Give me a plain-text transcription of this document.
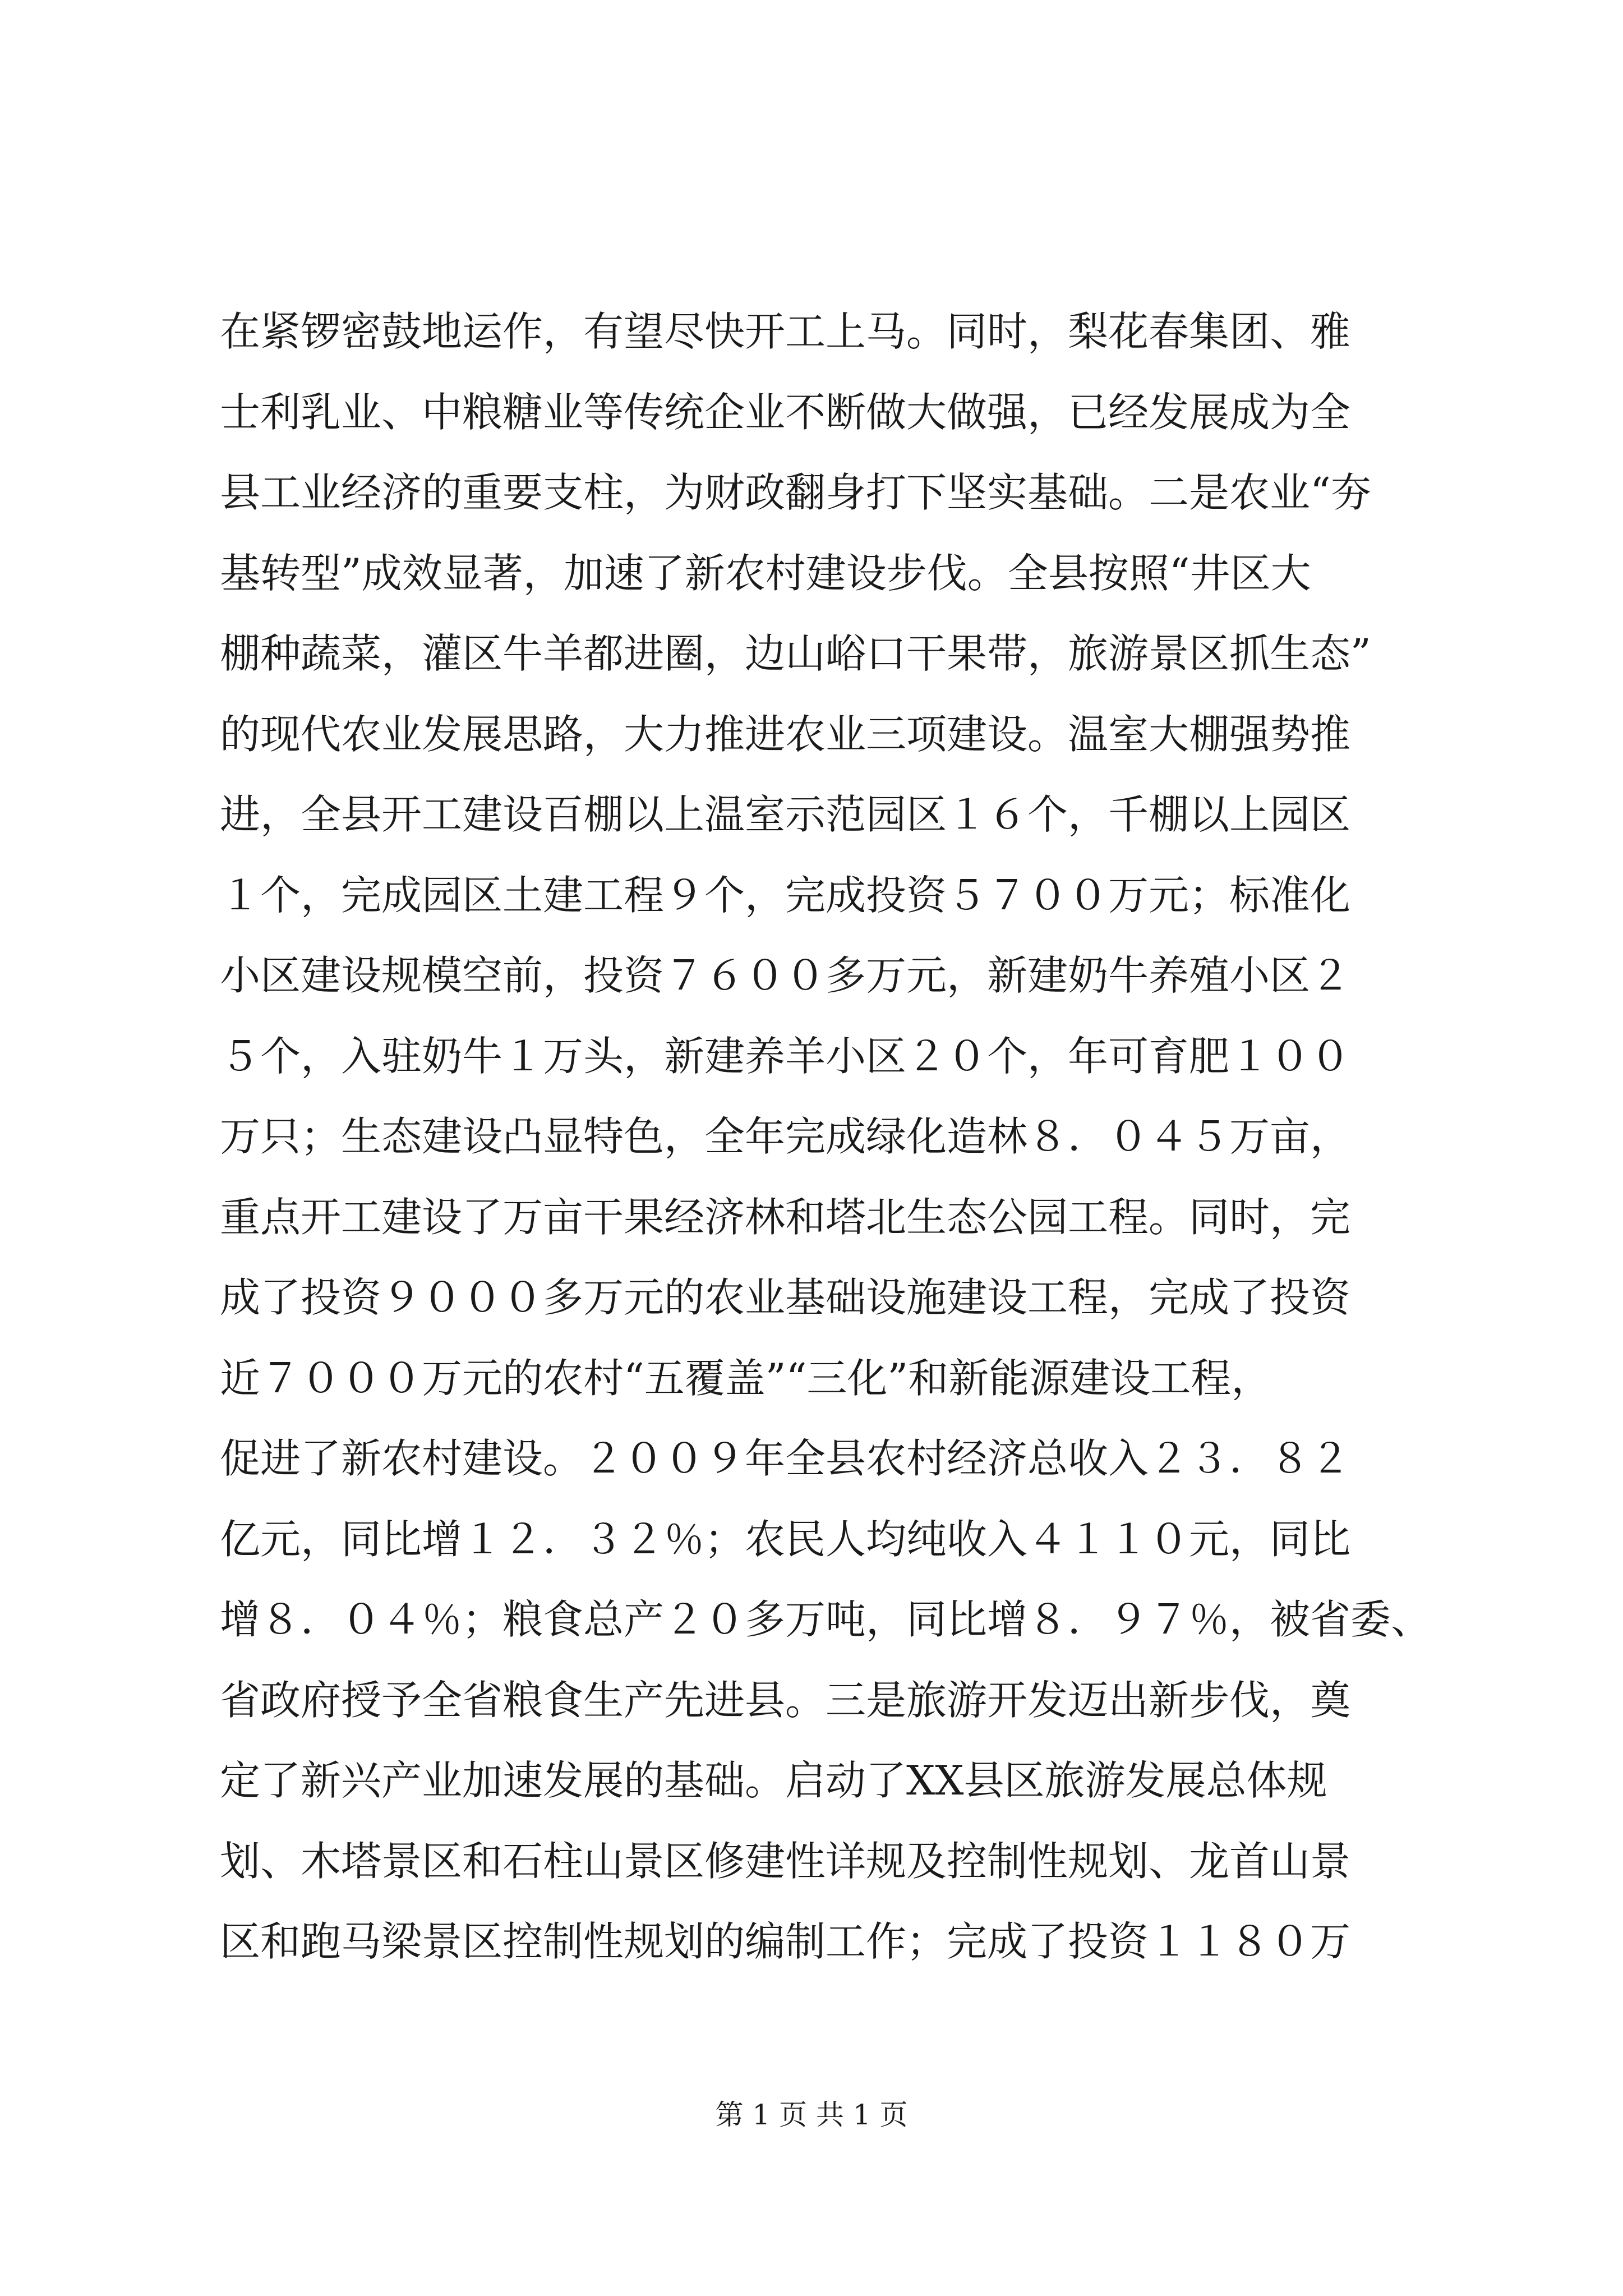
在紧锣密鼓地运作，有望尽快开工上马。同时，梨花春集团、雅
士利乳业、中粮糖业等传统企业不断做大做强，已经发展成为全
县工业经济的重要支柱，为财政翻身打下坚实基础。二是农业“夯
基转型”成效显著，加速了新农村建设步伐。全县按照“井区大
棚种蔬菜，灌区牛羊都进圈，边山峪口干果带，旅游景区抓生态”
的现代农业发展思路，大力推进农业三项建设。温室大棚强势推
进，全县开工建设百棚以上温室示范园区１６个，千棚以上园区
１个，完成园区土建工程９个，完成投资５７００万元；标准化
小区建设规模空前，投资７６００多万元，新建奶牛养殖小区２
５个，入驻奶牛１万头，新建养羊小区２０个，年可育肥１００
万只；生态建设凸显特色，全年完成绿化造林８．０４５万亩，
重点开工建设了万亩干果经济林和塔北生态公园工程。同时，完
成了投资９０００多万元的农业基础设施建设工程，完成了投资
近７０００万元的农村“五覆盖”“三化”和新能源建设工程，
促进了新农村建设。２００９年全县农村经济总收入２３．８２
亿元，同比增１２．３２％；农民人均纯收入４１１０元，同比
增８．０４％；粮食总产２０多万吨，同比增８．９７％，被省委、
省政府授予全省粮食生产先进县。三是旅游开发迈出新步伐，奠
定了新兴产业加速发展的基础。启动了XX县区旅游发展总体规
划、木塔景区和石柱山景区修建性详规及控制性规划、龙首山景
区和跑马梁景区控制性规划的编制工作；完成了投资１１８０万
第 1 页 共 1 页
